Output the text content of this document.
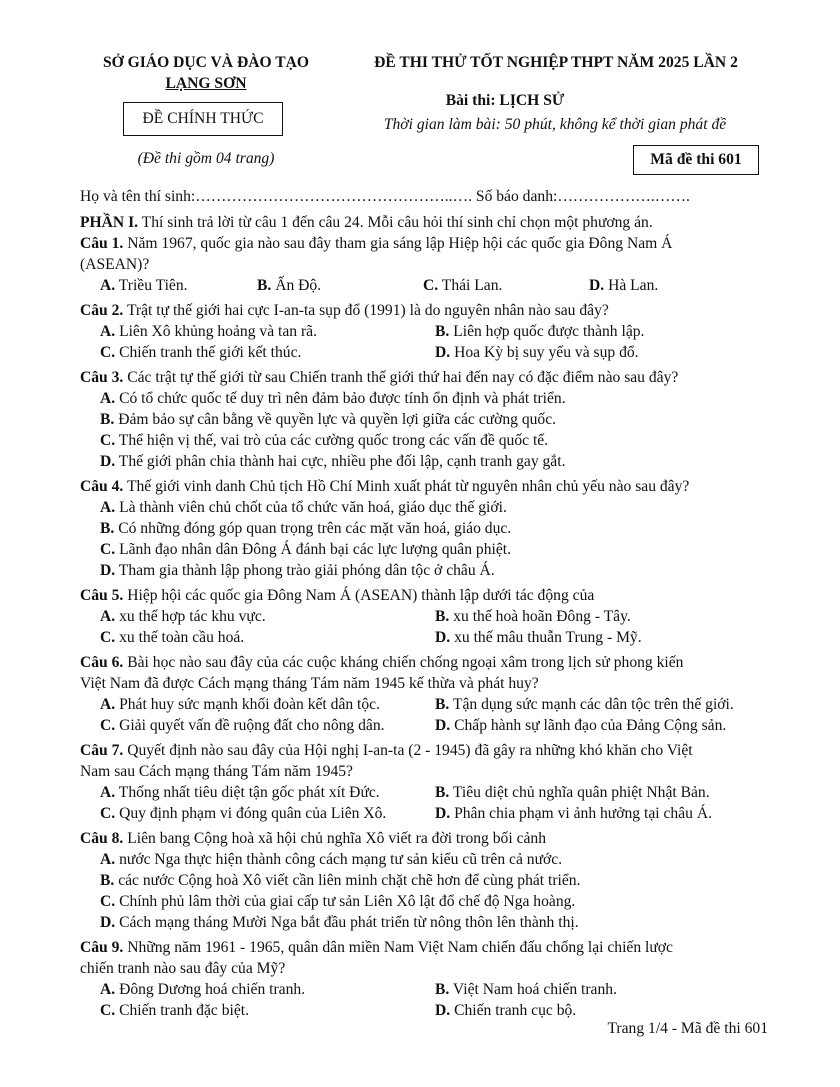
SỞ GIÁO DỤC VÀ ĐÀO TẠO
LẠNG SƠN
ĐỀ CHÍNH THỨC
(Đề thi gồm 04 trang)
ĐỀ THI THỬ TỐT NGHIỆP THPT NĂM 2025 LẦN 2
Bài thi: LỊCH SỬ
Thời gian làm bài: 50 phút, không kể thời gian phát đề
Mã đề thi 601
Họ và tên thí sinh:…………………………………………..…. Số báo danh:……………….…….
PHẦN I. Thí sinh trả lời từ câu 1 đến câu 24. Mỗi câu hỏi thí sinh chỉ chọn một phương án.
Câu 1. Năm 1967, quốc gia nào sau đây tham gia sáng lập Hiệp hội các quốc gia Đông Nam Á
(ASEAN)?
A. Triều Tiên.	B. Ấn Độ.	C. Thái Lan.	D. Hà Lan.
Câu 2. Trật tự thế giới hai cực I-an-ta sụp đổ (1991) là do nguyên nhân nào sau đây?
A. Liên Xô khủng hoảng và tan rã.	B. Liên hợp quốc được thành lập.
C. Chiến tranh thế giới kết thúc.	D. Hoa Kỳ bị suy yếu và sụp đổ.
Câu 3. Các trật tự thế giới từ sau Chiến tranh thế giới thứ hai đến nay có đặc điểm nào sau đây?
A. Có tổ chức quốc tế duy trì nên đảm bảo được tính ổn định và phát triển.
B. Đảm bảo sự cân bằng về quyền lực và quyền lợi giữa các cường quốc.
C. Thể hiện vị thế, vai trò của các cường quốc trong các vấn đề quốc tế.
D. Thế giới phân chia thành hai cực, nhiều phe đối lập, cạnh tranh gay gắt.
Câu 4. Thế giới vinh danh Chủ tịch Hồ Chí Minh xuất phát từ nguyên nhân chủ yếu nào sau đây?
A. Là thành viên chủ chốt của tổ chức văn hoá, giáo dục thế giới.
B. Có những đóng góp quan trọng trên các mặt văn hoá, giáo dục.
C. Lãnh đạo nhân dân Đông Á đánh bại các lực lượng quân phiệt.
D. Tham gia thành lập phong trào giải phóng dân tộc ở châu Á.
Câu 5. Hiệp hội các quốc gia Đông Nam Á (ASEAN) thành lập dưới tác động của
A. xu thế hợp tác khu vực.	B. xu thế hoà hoãn Đông - Tây.
C. xu thế toàn cầu hoá.	D. xu thế mâu thuẫn Trung - Mỹ.
Câu 6. Bài học nào sau đây của các cuộc kháng chiến chống ngoại xâm trong lịch sử phong kiến
Việt Nam đã được Cách mạng tháng Tám năm 1945 kế thừa và phát huy?
A. Phát huy sức mạnh khối đoàn kết dân tộc.	B. Tận dụng sức mạnh các dân tộc trên thế giới.
C. Giải quyết vấn đề ruộng đất cho nông dân.	D. Chấp hành sự lãnh đạo của Đảng Cộng sản.
Câu 7. Quyết định nào sau đây của Hội nghị I-an-ta (2 - 1945) đã gây ra những khó khăn cho Việt
Nam sau Cách mạng tháng Tám năm 1945?
A. Thống nhất tiêu diệt tận gốc phát xít Đức.	B. Tiêu diệt chủ nghĩa quân phiệt Nhật Bản.
C. Quy định phạm vi đóng quân của Liên Xô.	D. Phân chia phạm vi ảnh hưởng tại châu Á.
Câu 8. Liên bang Cộng hoà xã hội chủ nghĩa Xô viết ra đời trong bối cảnh
A. nước Nga thực hiện thành công cách mạng tư sản kiểu cũ trên cả nước.
B. các nước Cộng hoà Xô viết cần liên minh chặt chẽ hơn để cùng phát triển.
C. Chính phủ lâm thời của giai cấp tư sản Liên Xô lật đổ chế độ Nga hoàng.
D. Cách mạng tháng Mười Nga bắt đầu phát triển từ nông thôn lên thành thị.
Câu 9. Những năm 1961 - 1965, quân dân miền Nam Việt Nam chiến đấu chống lại chiến lược
chiến tranh nào sau đây của Mỹ?
A. Đông Dương hoá chiến tranh.	B. Việt Nam hoá chiến tranh.
C. Chiến tranh đặc biệt.	D. Chiến tranh cục bộ.
Trang 1/4 - Mã đề thi 601
